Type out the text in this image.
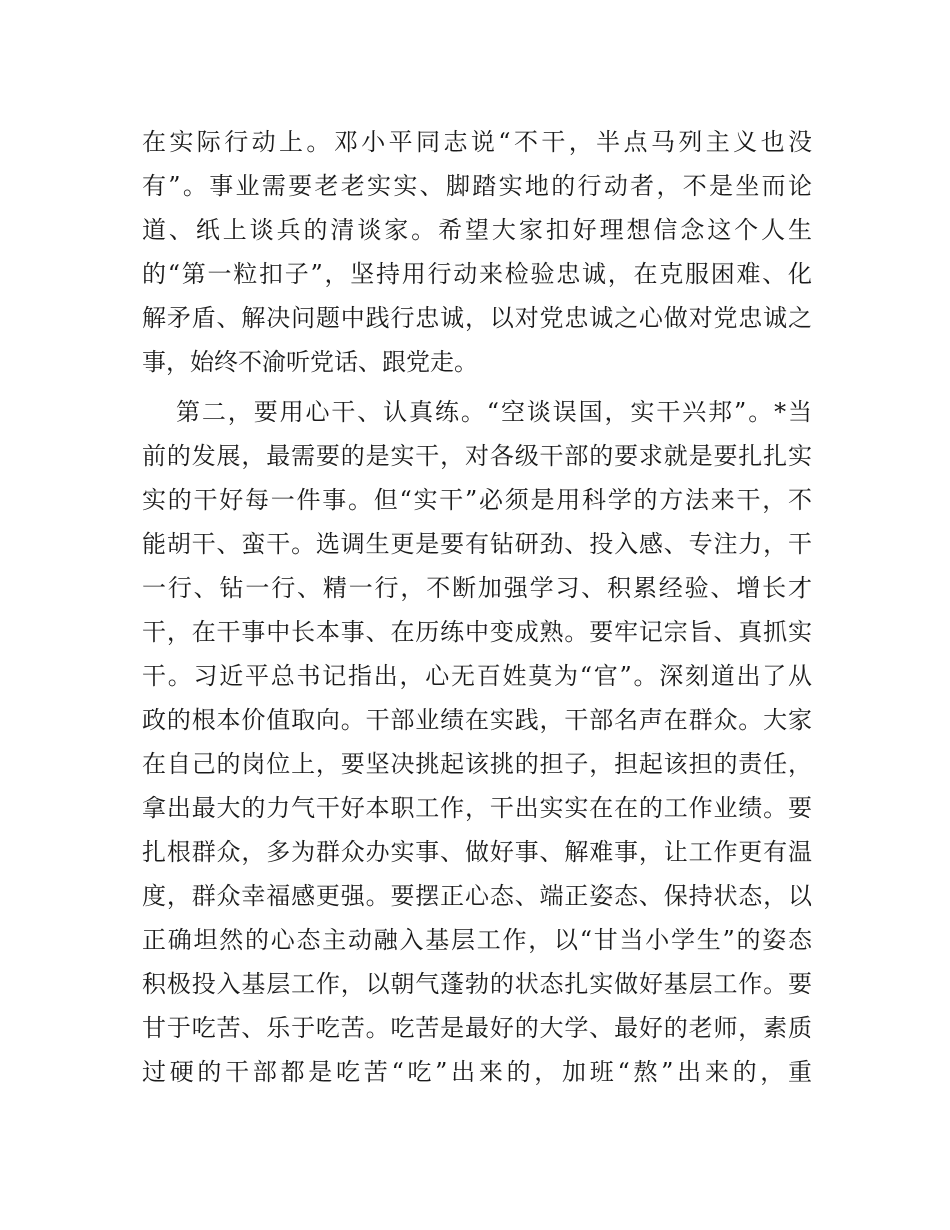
在实际行动上。邓小平同志说“不干，半点马列主义也没
有”。事业需要老老实实、脚踏实地的行动者，不是坐而论
道、纸上谈兵的清谈家。希望大家扣好理想信念这个人生
的“第一粒扣子”，坚持用行动来检验忠诚，在克服困难、化
解矛盾、解决问题中践行忠诚，以对党忠诚之心做对党忠诚之
事，始终不渝听党话、跟党走。
第二，要用心干、认真练。“空谈误国，实干兴邦”。*当
前的发展，最需要的是实干，对各级干部的要求就是要扎扎实
实的干好每一件事。但“实干”必须是用科学的方法来干，不
能胡干、蛮干。选调生更是要有钻研劲、投入感、专注力，干
一行、钻一行、精一行，不断加强学习、积累经验、增长才
干，在干事中长本事、在历练中变成熟。要牢记宗旨、真抓实
干。习近平总书记指出，心无百姓莫为“官”。深刻道出了从
政的根本价值取向。干部业绩在实践，干部名声在群众。大家
在自己的岗位上，要坚决挑起该挑的担子，担起该担的责任，
拿出最大的力气干好本职工作，干出实实在在的工作业绩。要
扎根群众，多为群众办实事、做好事、解难事，让工作更有温
度，群众幸福感更强。要摆正心态、端正姿态、保持状态，以
正确坦然的心态主动融入基层工作，以“甘当小学生”的姿态
积极投入基层工作，以朝气蓬勃的状态扎实做好基层工作。要
甘于吃苦、乐于吃苦。吃苦是最好的大学、最好的老师，素质
过硬的干部都是吃苦“吃”出来的，加班“熬”出来的，重
